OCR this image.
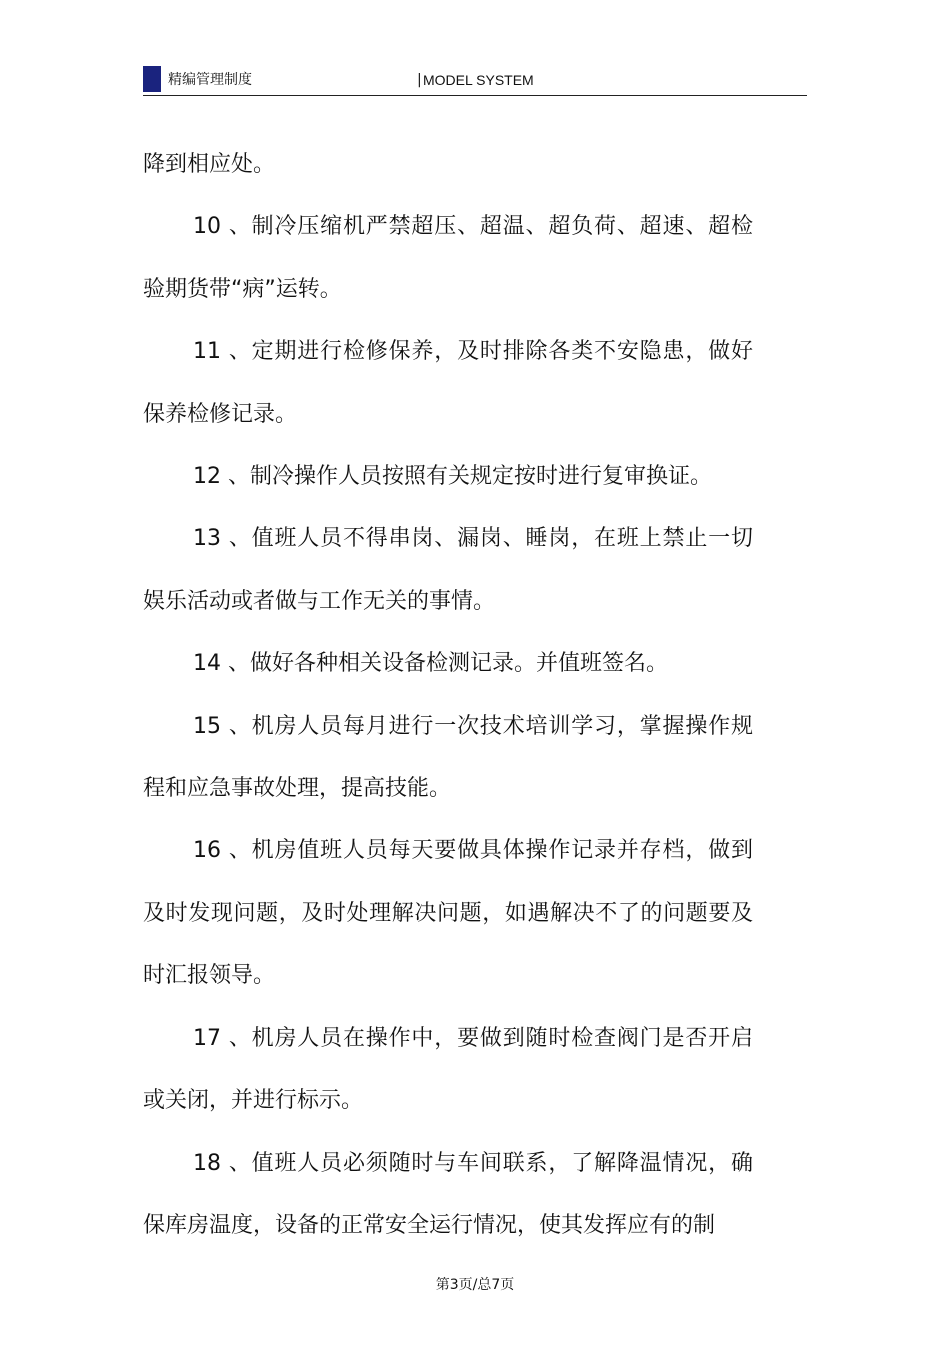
精编管理制度	| MODEL SYSTEM

降到相应处。

10 、制冷压缩机严禁超压、超温、超负荷、超速、超检验期货带“病”运转。

11 、定期进行检修保养，及时排除各类不安隐患，做好保养检修记录。

12 、制冷操作人员按照有关规定按时进行复审换证。

13 、值班人员不得串岗、漏岗、睡岗，在班上禁止一切娱乐活动或者做与工作无关的事情。

14 、做好各种相关设备检测记录。并值班签名。

15 、机房人员每月进行一次技术培训学习，掌握操作规程和应急事故处理，提高技能。

16 、机房值班人员每天要做具体操作记录并存档，做到及时发现问题，及时处理解决问题，如遇解决不了的问题要及时汇报领导。

17 、机房人员在操作中，要做到随时检查阀门是否开启或关闭，并进行标示。

18 、值班人员必须随时与车间联系，了解降温情况，确保库房温度，设备的正常安全运行情况，使其发挥应有的制

第3页/总7页
